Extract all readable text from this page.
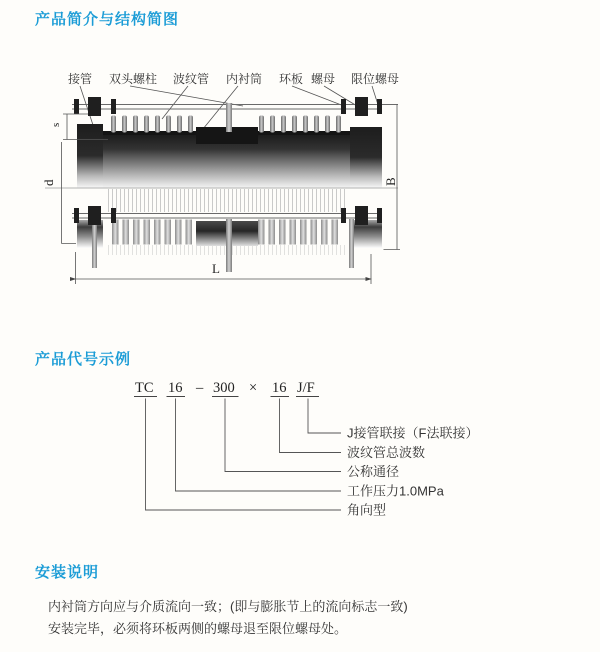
产品简介与结构简图
接管 双头螺柱 波纹管 内衬筒 环板 螺母 限位螺母
s
d	B
L
产品代号示例
TC 16 – 300 × 16 J/F
J接管联接（F法联接）
波纹管总波数
公称通径
工作压力1.0MPa
角向型
安装说明

内衬筒方向应与介质流向一致；(即与膨胀节上的流向标志一致)

安装完毕，必须将环板两侧的螺母退至限位螺母处。
